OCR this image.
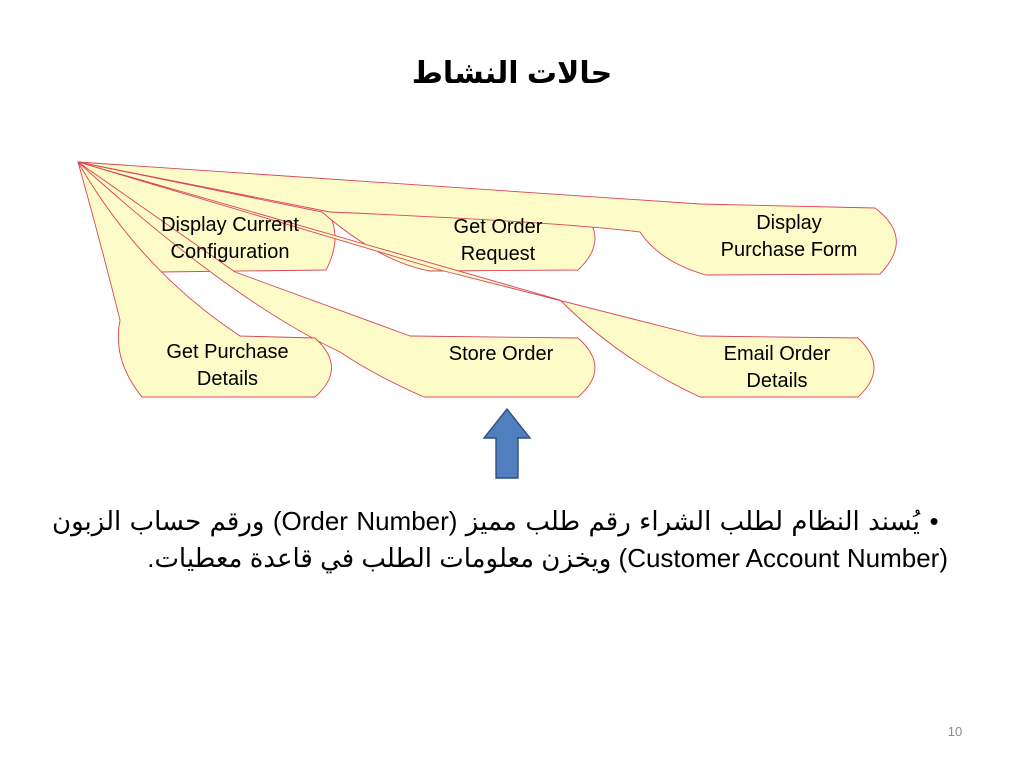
حالات النشاط
Display Current
Configuration
Get Order
Request
Display
Purchase Form
Get Purchase
Details
Store Order	Email Order
Details
•يُسند النظام لطلب الشراء رقم طلب مميز (Order Number) ورقم حساب الزبون (Customer Account Number) ويخزن معلومات الطلب في قاعدة معطيات.
10
